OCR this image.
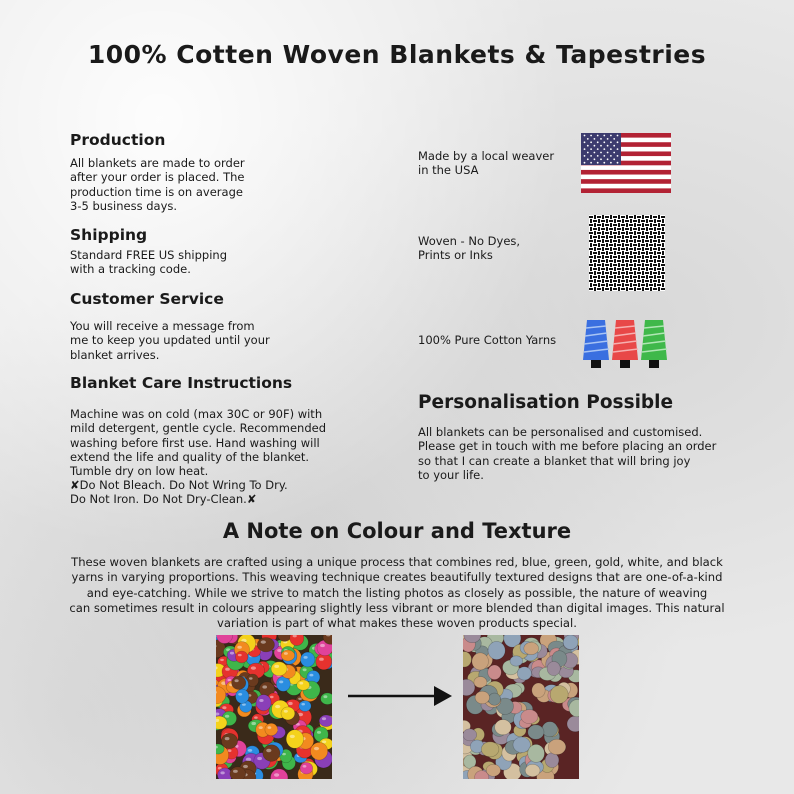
100% Cotten Woven Blankets & Tapestries
Production

All blankets are made to order
after your order is placed. The
production time is on average
3-5 business days.

Shipping

Standard FREE US shipping
with a tracking code.

Customer Service

You will receive a message from
me to keep you updated until your
blanket arrives.

Blanket Care Instructions

Machine was on cold (max 30C or 90F) with
mild detergent, gentle cycle. Recommended
washing before first use. Hand washing will
extend the life and quality of the blanket.
Tumble dry on low heat.

✘Do Not Bleach. Do Not Wring To Dry.
Do Not Iron. Do Not Dry-Clean.✘
Made by a local weaver
in the USA
Woven - No Dyes,
Prints or Inks
100% Pure Cotton Yarns
Personalisation Possible
All blankets can be personalised and customised.
Please get in touch with me before placing an order
so that I can create a blanket that will bring joy
to your life.
A Note on Colour and Texture
These woven blankets are crafted using a unique process that combines red, blue, green, gold, white, and black
yarns in varying proportions. This weaving technique creates beautifully textured designs that are one-of-a-kind
and eye-catching. While we strive to match the listing photos as closely as possible, the nature of weaving
can sometimes result in colours appearing slightly less vibrant or more blended than digital images. This natural
variation is part of what makes these woven products special.
